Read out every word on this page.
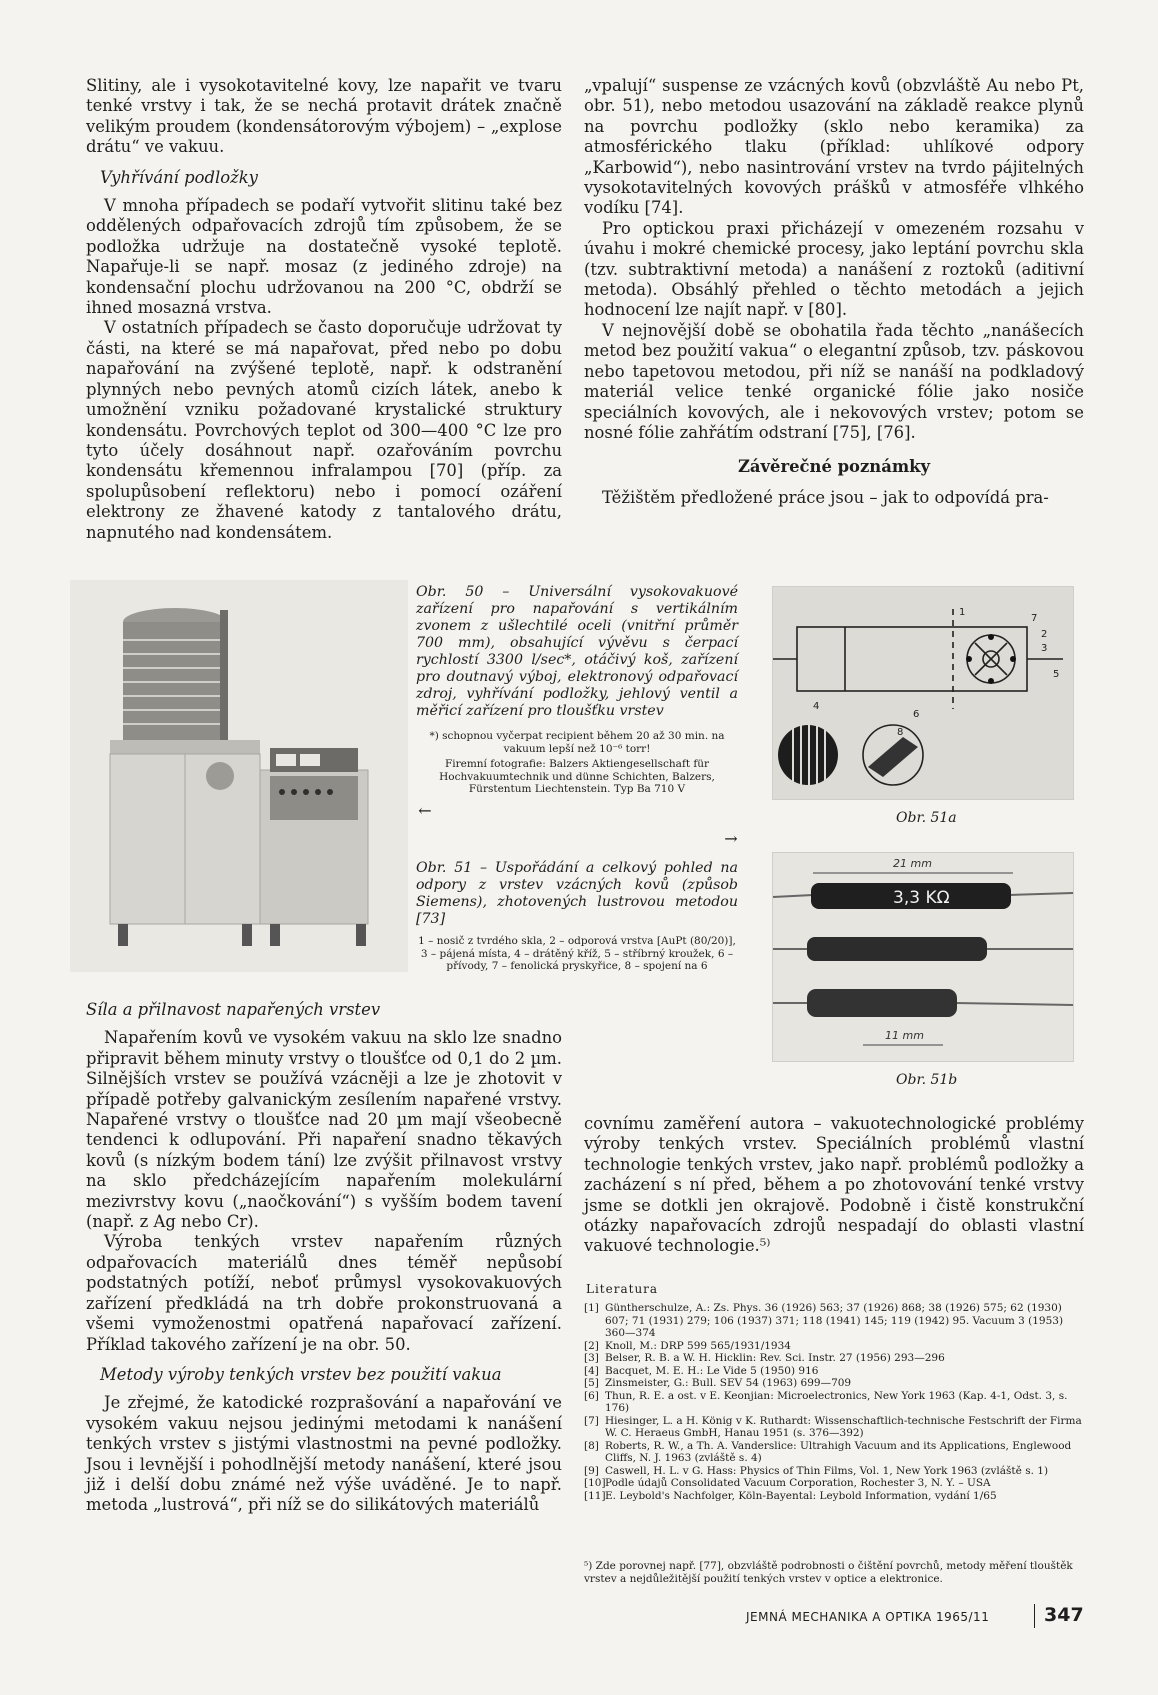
Slitiny, ale i vysokotavitelné kovy, lze napařit ve tvaru tenké vrstvy i tak, že se nechá protavit drátek značně velikým proudem (kondensátorovým výbojem) – „explose drátu“ ve vakuu.

Vyhřívání podložky

V mnoha případech se podaří vytvořit slitinu také bez oddělených odpařovacích zdrojů tím způsobem, že se podložka udržuje na dostatečně vysoké teplotě. Napařuje-li se např. mosaz (z jediného zdroje) na kondensační plochu udržovanou na 200 °C, obdrží se ihned mosazná vrstva.

V ostatních případech se často doporučuje udržovat ty části, na které se má napařovat, před nebo po dobu napařování na zvýšené teplotě, např. k odstranění plynných nebo pevných atomů cizích látek, anebo k umožnění vzniku požadované krystalické struktury kondensátu. Povrchových teplot od 300—400 °C lze pro tyto účely dosáhnout např. ozařováním povrchu kondensátu křemennou infralampou [70] (příp. za spolupůsobení reflektoru) nebo i pomocí ozáření elektrony ze žhavené katody z tantalového drátu, napnutého nad kondensátem.

„vpalují“ suspense ze vzácných kovů (obzvláště Au nebo Pt, obr. 51), nebo metodou usazování na základě reakce plynů na povrchu podložky (sklo nebo keramika) za atmosférického tlaku (příklad: uhlíkové odpory „Karbowid“), nebo nasintrování vrstev na tvrdo pájitelných vysokotavitelných kovových prášků v atmosféře vlhkého vodíku [74].

Pro optickou praxi přicházejí v omezeném rozsahu v úvahu i mokré chemické procesy, jako leptání povrchu skla (tzv. subtraktivní metoda) a nanášení z roztoků (aditivní metoda). Obsáhlý přehled o těchto metodách a jejich hodnocení lze najít např. v [80].

V nejnovější době se obohatila řada těchto „nanášecích metod bez použití vakua“ o elegantní způsob, tzv. páskovou nebo tapetovou metodou, při níž se nanáší na podkladový materiál velice tenké organické fólie jako nosiče speciálních kovových, ale i nekovových vrstev; potom se nosné fólie zahřátím odstraní [75], [76].

Závěrečné poznámky

Těžištěm předložené práce jsou – jak to odpovídá pra-

Obr. 50 – Universální vysokovakuové zařízení pro napařování s vertikálním zvonem z ušlechtilé oceli (vnitřní průměr 700 mm), obsahující vývěvu s čerpací rychlostí 3300 l/sec*, otáčivý koš, zařízení pro doutnavý výboj, elektronový odpařovací zdroj, vyhřívání podložky, jehlový ventil a měřicí zařízení pro tloušťku vrstev
*) schopnou vyčerpat recipient během 20 až 30 min. na vakuum lepší než 10⁻⁶ torr!
Firemní fotografie: Balzers Aktiengesellschaft für Hochvakuumtechnik und dünne Schichten, Balzers, Fürstentum Liechtenstein. Typ Ba 710 V
←
→
Obr. 51 – Uspořádání a celkový pohled na odpory z vrstev vzácných kovů (způsob Siemens), zhotovených lustrovou metodou [73]
1 – nosič z tvrdého skla, 2 – odporová vrstva [AuPt (80/20)], 3 – pájená místa, 4 – drátěný kříž, 5 – stříbrný kroužek, 6 – přívody, 7 – fenolická pryskyřice, 8 – spojení na 6
1
2
3
4
5
6
7
8
Obr. 51a
21 mm
3,3 KΩ
11 mm
Obr. 51b

Síla a přilnavost napařených vrstev

Napařením kovů ve vysokém vakuu na sklo lze snadno připravit během minuty vrstvy o tloušťce od 0,1 do 2 µm. Silnějších vrstev se používá vzácněji a lze je zhotovit v případě potřeby galvanickým zesílením napařené vrstvy. Napařené vrstvy o tloušťce nad 20 µm mají všeobecně tendenci k odlupování. Při napaření snadno těkavých kovů (s nízkým bodem tání) lze zvýšit přilnavost vrstvy na sklo předcházejícím napařením molekulární mezivrstvy kovu („naočkování“) s vyšším bodem tavení (např. z Ag nebo Cr).

Výroba tenkých vrstev napařením různých odpařovacích materiálů dnes téměř nepůsobí podstatných potíží, neboť průmysl vysokovakuových zařízení předkládá na trh dobře prokonstruovaná a všemi vymoženostmi opatřená napařovací zařízení. Příklad takového zařízení je na obr. 50.

Metody výroby tenkých vrstev bez použití vakua

Je zřejmé, že katodické rozprašování a napařování ve vysokém vakuu nejsou jedinými metodami k nanášení tenkých vrstev s jistými vlastnostmi na pevné podložky. Jsou i levnější i pohodlnější metody nanášení, které jsou již i delší dobu známé než výše uváděné. Je to např. metoda „lustrová“, při níž se do silikátových materiálů

covnímu zaměření autora – vakuotechnologické problémy výroby tenkých vrstev. Speciálních problémů vlastní technologie tenkých vrstev, jako např. problémů podložky a zacházení s ní před, během a po zhotovování tenké vrstvy jsme se dotkli jen okrajově. Podobně i čistě konstrukční otázky napařovacích zdrojů nespadají do oblasti vlastní vakuové technologie.⁵⁾

Literatura
[1] Güntherschulze, A.: Zs. Phys. 36 (1926) 563; 37 (1926) 868; 38 (1926) 575; 62 (1930) 607; 71 (1931) 279; 106 (1937) 371; 118 (1941) 145; 119 (1942) 95. Vacuum 3 (1953) 360—374
[2] Knoll, M.: DRP 599 565/1931/1934
[3] Belser, R. B. a W. H. Hicklin: Rev. Sci. Instr. 27 (1956) 293—296
[4] Bacquet, M. E. H.: Le Vide 5 (1950) 916
[5] Zinsmeister, G.: Bull. SEV 54 (1963) 699—709
[6] Thun, R. E. a ost. v E. Keonjian: Microelectronics, New York 1963 (Kap. 4-1, Odst. 3, s. 176)
[7] Hiesinger, L. a H. König v K. Ruthardt: Wissenschaftlich-technische Festschrift der Firma W. C. Heraeus GmbH, Hanau 1951 (s. 376—392)
[8] Roberts, R. W., a Th. A. Vanderslice: Ultrahigh Vacuum and its Applications, Englewood Cliffs, N. J. 1963 (zvláště s. 4)
[9] Caswell, H. L. v G. Hass: Physics of Thin Films, Vol. 1, New York 1963 (zvláště s. 1)
[10] Podle údajů Consolidated Vacuum Corporation, Rochester 3, N. Y. – USA
[11] E. Leybold's Nachfolger, Köln-Bayental: Leybold Information, vydání 1/65
⁵) Zde porovnej např. [77], obzvláště podrobnosti o čištění povrchů, metody měření tlouštěk vrstev a nejdůležitější použití tenkých vrstev v optice a elektronice.
JEMNÁ MECHANIKA A OPTIKA 1965/11	347
